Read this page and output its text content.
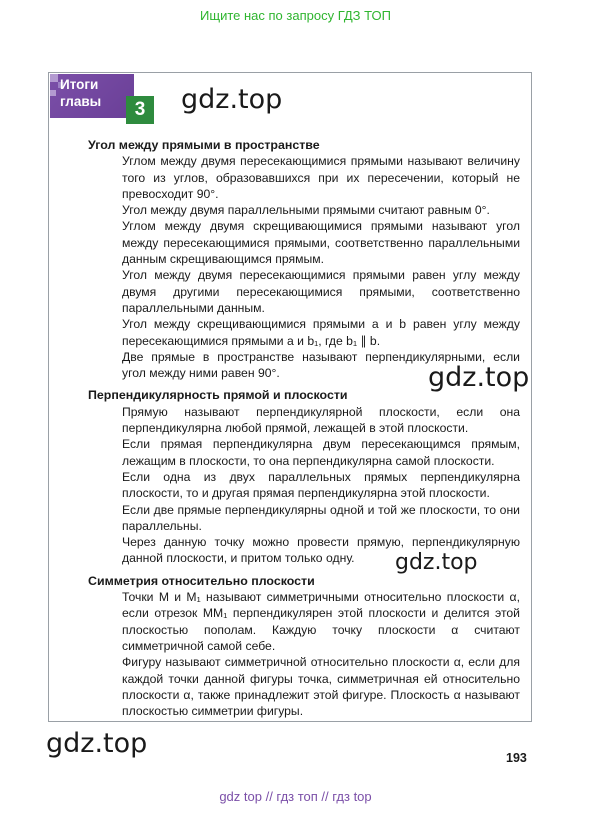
Ищите нас по запросу ГДЗ ТОП
Итоги
главы	3	gdz.top
gdz.top
gdz.top
gdz.top
Угол между прямыми в пространстве

Углом между двумя пересекающимися прямыми называют величину того из углов, образовавшихся при их пересечении, который не превосходит 90°.

Угол между двумя параллельными прямыми считают равным 0°.

Углом между двумя скрещивающимися прямыми называют угол между пересекающимися прямыми, соответственно параллельными данным скрещивающимся прямым.

Угол между двумя пересекающимися прямыми равен углу между двумя другими пересекающимися прямыми, соответственно параллельными данным.

Угол между скрещивающимися прямыми a и b равен углу между пересекающимися прямыми a и b₁, где b₁ ∥ b.

Две прямые в пространстве называют перпендикулярными, если угол между ними равен 90°.

Перпендикулярность прямой и плоскости

Прямую называют перпендикулярной плоскости, если она перпендикулярна любой прямой, лежащей в этой плоскости.

Если прямая перпендикулярна двум пересекающимся прямым, лежащим в плоскости, то она перпендикулярна самой плоскости.

Если одна из двух параллельных прямых перпендикулярна плоскости, то и другая прямая перпендикулярна этой плоскости.

Если две прямые перпендикулярны одной и той же плоскости, то они параллельны.

Через данную точку можно провести прямую, перпендикулярную данной плоскости, и притом только одну.

Симметрия относительно плоскости

Точки M и M₁ называют симметричными относительно плоскости α, если отрезок MM₁ перпендикулярен этой плоскости и делится этой плоскостью пополам. Каждую точку плоскости α считают симметричной самой себе.

Фигуру называют симметричной относительно плоскости α, если для каждой точки данной фигуры точка, симметричная ей относительно плоскости α, также принадлежит этой фигуре. Плоскость α называют плоскостью симметрии фигуры.

193
gdz top // гдз топ // гдз top
